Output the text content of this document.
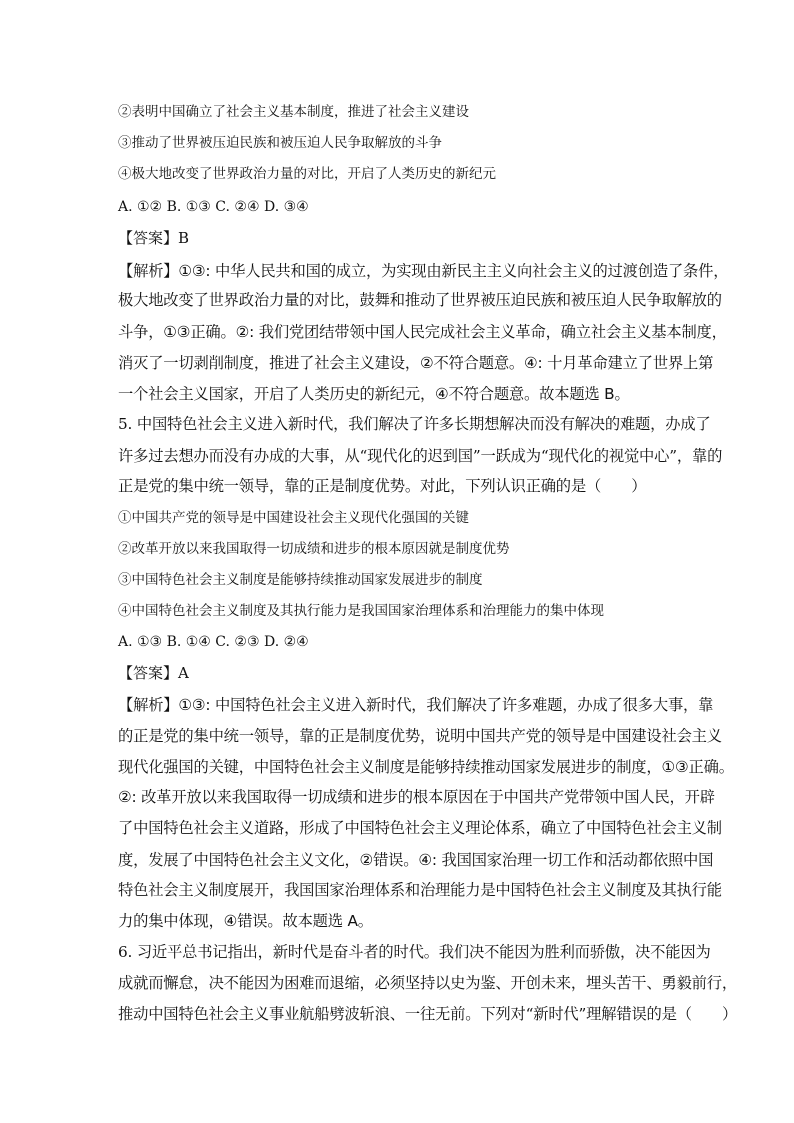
②表明中国确立了社会主义基本制度，推进了社会主义建设
③推动了世界被压迫民族和被压迫人民争取解放的斗争
④极大地改变了世界政治力量的对比，开启了人类历史的新纪元
A. ①② B. ①③ C. ②④ D. ③④
【答案】B
【解析】①③: 中华人民共和国的成立，为实现由新民主主义向社会主义的过渡创造了条件，
极大地改变了世界政治力量的对比，鼓舞和推动了世界被压迫民族和被压迫人民争取解放的
斗争，①③正确。②: 我们党团结带领中国人民完成社会主义革命，确立社会主义基本制度，
消灭了一切剥削制度，推进了社会主义建设，②不符合题意。④: 十月革命建立了世界上第
一个社会主义国家，开启了人类历史的新纪元，④不符合题意。故本题选 B。
5. 中国特色社会主义进入新时代，我们解决了许多长期想解决而没有解决的难题，办成了
许多过去想办而没有办成的大事，从“现代化的迟到国”一跃成为“现代化的视觉中心”，靠的
正是党的集中统一领导，靠的正是制度优势。对此，下列认识正确的是（　　）
①中国共产党的领导是中国建设社会主义现代化强国的关键
②改革开放以来我国取得一切成绩和进步的根本原因就是制度优势
③中国特色社会主义制度是能够持续推动国家发展进步的制度
④中国特色社会主义制度及其执行能力是我国国家治理体系和治理能力的集中体现
A. ①③ B. ①④ C. ②③ D. ②④
【答案】A
【解析】①③: 中国特色社会主义进入新时代，我们解决了许多难题，办成了很多大事，靠
的正是党的集中统一领导，靠的正是制度优势，说明中国共产党的领导是中国建设社会主义
现代化强国的关键，中国特色社会主义制度是能够持续推动国家发展进步的制度，①③正确。
②: 改革开放以来我国取得一切成绩和进步的根本原因在于中国共产党带领中国人民，开辟
了中国特色社会主义道路，形成了中国特色社会主义理论体系，确立了中国特色社会主义制
度，发展了中国特色社会主义文化，②错误。④: 我国国家治理一切工作和活动都依照中国
特色社会主义制度展开，我国国家治理体系和治理能力是中国特色社会主义制度及其执行能
力的集中体现，④错误。故本题选 A。
6. 习近平总书记指出，新时代是奋斗者的时代。我们决不能因为胜利而骄傲，决不能因为
成就而懈怠，决不能因为困难而退缩，必须坚持以史为鉴、开创未来，埋头苦干、勇毅前行，
推动中国特色社会主义事业航船劈波斩浪、一往无前。下列对“新时代”理解错误的是（　　）
